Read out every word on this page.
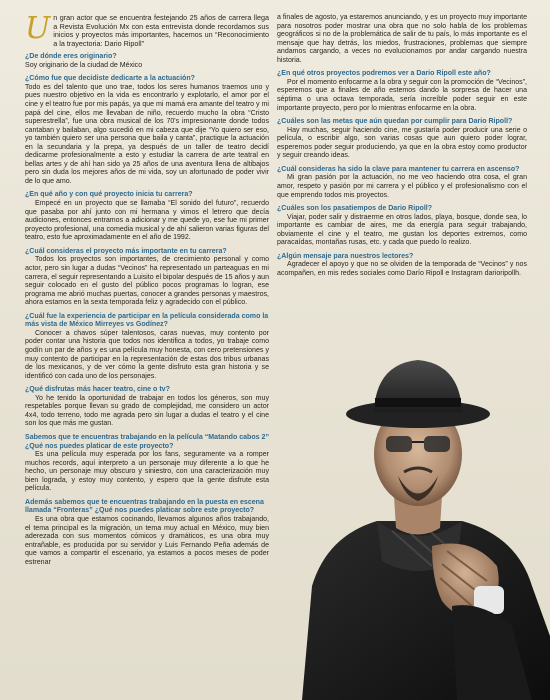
Un gran actor que se encuentra festejando 25 años de carrera llega a Revista Evolución Mx con esta entrevista donde recordamos sus inicios y proyectos más importantes, hacemos un “Reconocimiento a la trayectoria: Dario Ripoll”
¿De dónde eres originario?
Soy originario de la ciudad de México
¿Cómo fue que decidiste dedicarte a la actuación?
Todo es del talento que uno trae, todos los seres humanos traemos uno y pues nuestro objetivo en la vida es encontrarlo y explotarlo, el amor por el cine y el teatro fue por mis papás, ya que mi mamá era amante del teatro y mi papá del cine, ellos me llevaban de niño, recuerdo mucho la obra “Cristo superestrella”, fue una obra musical de los 70's impresionante donde todos cantaban y bailaban, algo sucedió en mi cabeza que dije “Yo quiero ser eso, yo también quiero ser una persona que baila y canta”, practique la actuación en la secundaria y la prepa, ya después de un taller de teatro decidí dedicarme profesionalmente a esto y estudiar la carrera de arte teatral en bellas artes y de ahí han sido ya 25 años de una aventura llena de altibajos pero sin duda los mejores años de mi vida, soy un afortunado de poder vivir de lo que amo.
¿En qué año y con qué proyecto inicia tu carrera?
Empecé en un proyecto que se llamaba “El sonido del futuro”, recuerdo que pasaba por ahí junto con mi hermana y vimos el letrero que decía audiciones, entonces entramos a adicionar y me quede yo, ese fue mi primer proyecto profesional, una comedia musical y de ahí salieron varias figuras del teatro, esto fue aproximadamente en el año de 1992.
¿Cuál consideras el proyecto más importante en tu carrera?
Todos los proyectos son importantes, de crecimiento personal y como actor, pero sin lugar a dudas “Vecinos” ha representado un parteaguas en mi carrera, el seguir representando a Luisito el bipolar después de 15 años y aun seguir colocado en el gusto del público pocos programas lo logran, ese programa me abrió muchas puertas, conocer a grandes personas y maestros, ahora estamos en la sexta temporada feliz y agradecido con el público.
¿Cuál fue la experiencia de participar en la película considerada como la más vista de México Mirreyes vs Godínez?
Conocer a chavos súper talentosos, caras nuevas, muy contento por poder contar una historia que todos nos identifica a todos, yo trabaje como godín un par de años y es una película muy honesta, con cero pretensiones y muy contento de participar en la representación de estas dos tribus urbanas de los mexicanos, y de ver cómo la gente disfruto esta gran historia y se identificó con cada uno de los personajes.
¿Qué disfrutas más hacer teatro, cine o tv?
Yo he tenido la oportunidad de trabajar en todos los géneros, son muy respetables porque llevan su grado de complejidad, me considero un actor 4x4, todo terreno, todo me agrada pero sin lugar a dudas el teatro y el cine son los que más me gustan.
Sabemos que te encuentras trabajando en la película “Matando cabos 2” ¿Qué nos puedes platicar de este proyecto?
Es una película muy esperada por los fans, seguramente va a romper muchos records, aquí interpreto a un personaje muy diferente a lo que he hecho, un personaje muy obscuro y siniestro, con una caracterización muy bien lograda, y estoy muy contento, y espero que la gente disfrute esta película.
Además sabemos que te encuentras trabajando en la puesta en escena llamada “Fronteras” ¿Qué nos puedes platicar sobre este proyecto?
Es una obra que estamos cocinando, llevamos algunos años trabajando, el tema principal es la migración, un tema muy actual en México, muy bien aderezada con sus momentos cómicos y dramáticos, es una obra muy entrañable, es producida por su servidor y Luis Fernando Peña además de que vamos a compartir el escenario, ya estamos a pocos meses de poder estrenar
a finales de agosto, ya estaremos anunciando, y es un proyecto muy importante para nosotros poder mostrar una obra que no solo habla de los problemas geográficos si no de la problemática de salir de tu país, lo más importante es el mensaje que hay detrás, los miedos, frustraciones, problemas que siempre andamos cargando, a veces no evolucionamos por andar cargando nuestra historia.
¿En qué otros proyectos podremos ver a Dario Ripoll este año?
Por el momento enfocarme a la obra y seguir con la promoción de “Vecinos”, esperemos que a finales de año estemos dando la sorpresa de hacer una séptima o una octava temporada, sería increíble poder seguir en este importante proyecto, pero por lo mientras enfocarme en la obra.
¿Cuáles son las metas que aún quedan por cumplir para Dario Ripoll?
Hay muchas, seguir haciendo cine, me gustaría poder producir una serie o película, o escribir algo, son varias cosas que aun quiero poder lograr, esperemos poder seguir produciendo, ya que en la obra estoy como productor y seguir creando ideas.
¿Cuál consideras ha sido la clave para mantener tu carrera en ascenso?
Mi gran pasión por la actuación, no me veo haciendo otra cosa, el gran amor, respeto y pasión por mi carrera y el público y el profesionalismo con el que emprendo todos mis proyectos.
¿Cuáles son los pasatiempos de Dario Ripoll?
Viajar, poder salir y distraerme en otros lados, playa, bosque, donde sea, lo importante es cambiar de aires, me da energía para seguir trabajando, obviamente el cine y el teatro, me gustan los deportes extremos, como paracaídas, montañas rusas, etc. y cada que puedo lo realizo.
¿Algún mensaje para nuestros lectores?
Agradecer el apoyo y que no se olviden de la temporada de “Vecinos” y nos acompañen, en mis redes sociales como Darío Ripoll e Instagram darioripollh.
